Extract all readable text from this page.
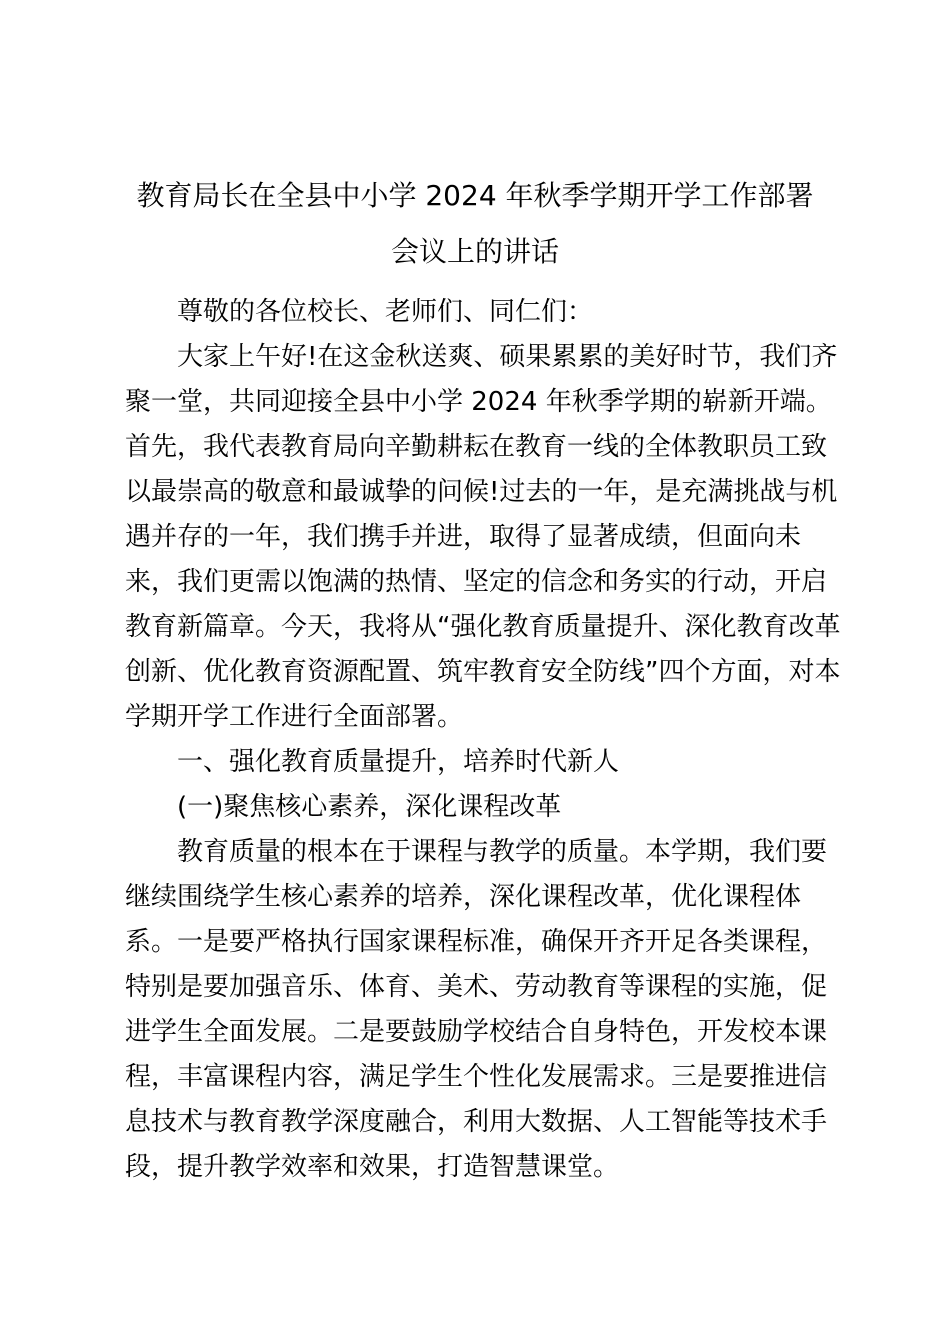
教育局长在全县中小学 2024 年秋季学期开学工作部署
会议上的讲话
尊敬的各位校长、老师们、同仁们：
大家上午好!在这金秋送爽、硕果累累的美好时节，我们齐
聚一堂，共同迎接全县中小学 2024 年秋季学期的崭新开端。
首先，我代表教育局向辛勤耕耘在教育一线的全体教职员工致
以最崇高的敬意和最诚挚的问候!过去的一年，是充满挑战与机
遇并存的一年，我们携手并进，取得了显著成绩，但面向未
来，我们更需以饱满的热情、坚定的信念和务实的行动，开启
教育新篇章。今天，我将从“强化教育质量提升、深化教育改革
创新、优化教育资源配置、筑牢教育安全防线”四个方面，对本
学期开学工作进行全面部署。
一、强化教育质量提升，培养时代新人
(一)聚焦核心素养，深化课程改革
教育质量的根本在于课程与教学的质量。本学期，我们要
继续围绕学生核心素养的培养，深化课程改革，优化课程体
系。一是要严格执行国家课程标准，确保开齐开足各类课程，
特别是要加强音乐、体育、美术、劳动教育等课程的实施，促
进学生全面发展。二是要鼓励学校结合自身特色，开发校本课
程，丰富课程内容，满足学生个性化发展需求。三是要推进信
息技术与教育教学深度融合，利用大数据、人工智能等技术手
段，提升教学效率和效果，打造智慧课堂。
